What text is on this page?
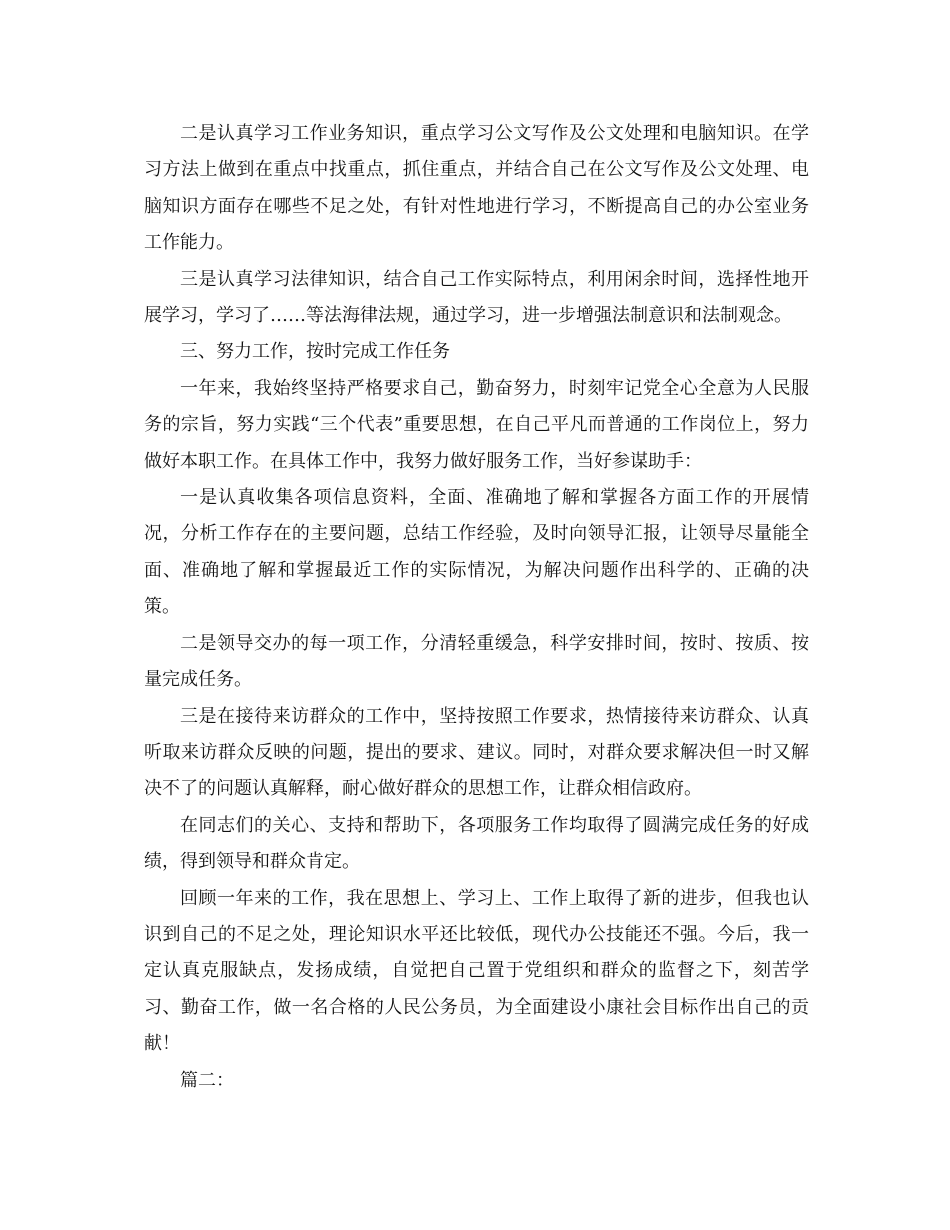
二是认真学习工作业务知识，重点学习公文写作及公文处理和电脑知识。在学习方法上做到在重点中找重点，抓住重点，并结合自己在公文写作及公文处理、电脑知识方面存在哪些不足之处，有针对性地进行学习，不断提高自己的办公室业务工作能力。

三是认真学习法律知识，结合自己工作实际特点，利用闲余时间，选择性地开展学习，学习了……等法海律法规，通过学习，进一步增强法制意识和法制观念。

三、努力工作，按时完成工作任务

一年来，我始终坚持严格要求自己，勤奋努力，时刻牢记党全心全意为人民服务的宗旨，努力实践“三个代表”重要思想，在自己平凡而普通的工作岗位上，努力做好本职工作。在具体工作中，我努力做好服务工作，当好参谋助手：

一是认真收集各项信息资料，全面、准确地了解和掌握各方面工作的开展情况，分析工作存在的主要问题，总结工作经验，及时向领导汇报，让领导尽量能全面、准确地了解和掌握最近工作的实际情况，为解决问题作出科学的、正确的决策。

二是领导交办的每一项工作，分清轻重缓急，科学安排时间，按时、按质、按量完成任务。

三是在接待来访群众的工作中，坚持按照工作要求，热情接待来访群众、认真听取来访群众反映的问题，提出的要求、建议。同时，对群众要求解决但一时又解决不了的问题认真解释，耐心做好群众的思想工作，让群众相信政府。

在同志们的关心、支持和帮助下，各项服务工作均取得了圆满完成任务的好成绩，得到领导和群众肯定。

回顾一年来的工作，我在思想上、学习上、工作上取得了新的进步，但我也认识到自己的不足之处，理论知识水平还比较低，现代办公技能还不强。今后，我一定认真克服缺点，发扬成绩，自觉把自己置于党组织和群众的监督之下，刻苦学习、勤奋工作，做一名合格的人民公务员，为全面建设小康社会目标作出自己的贡献！

篇二：
